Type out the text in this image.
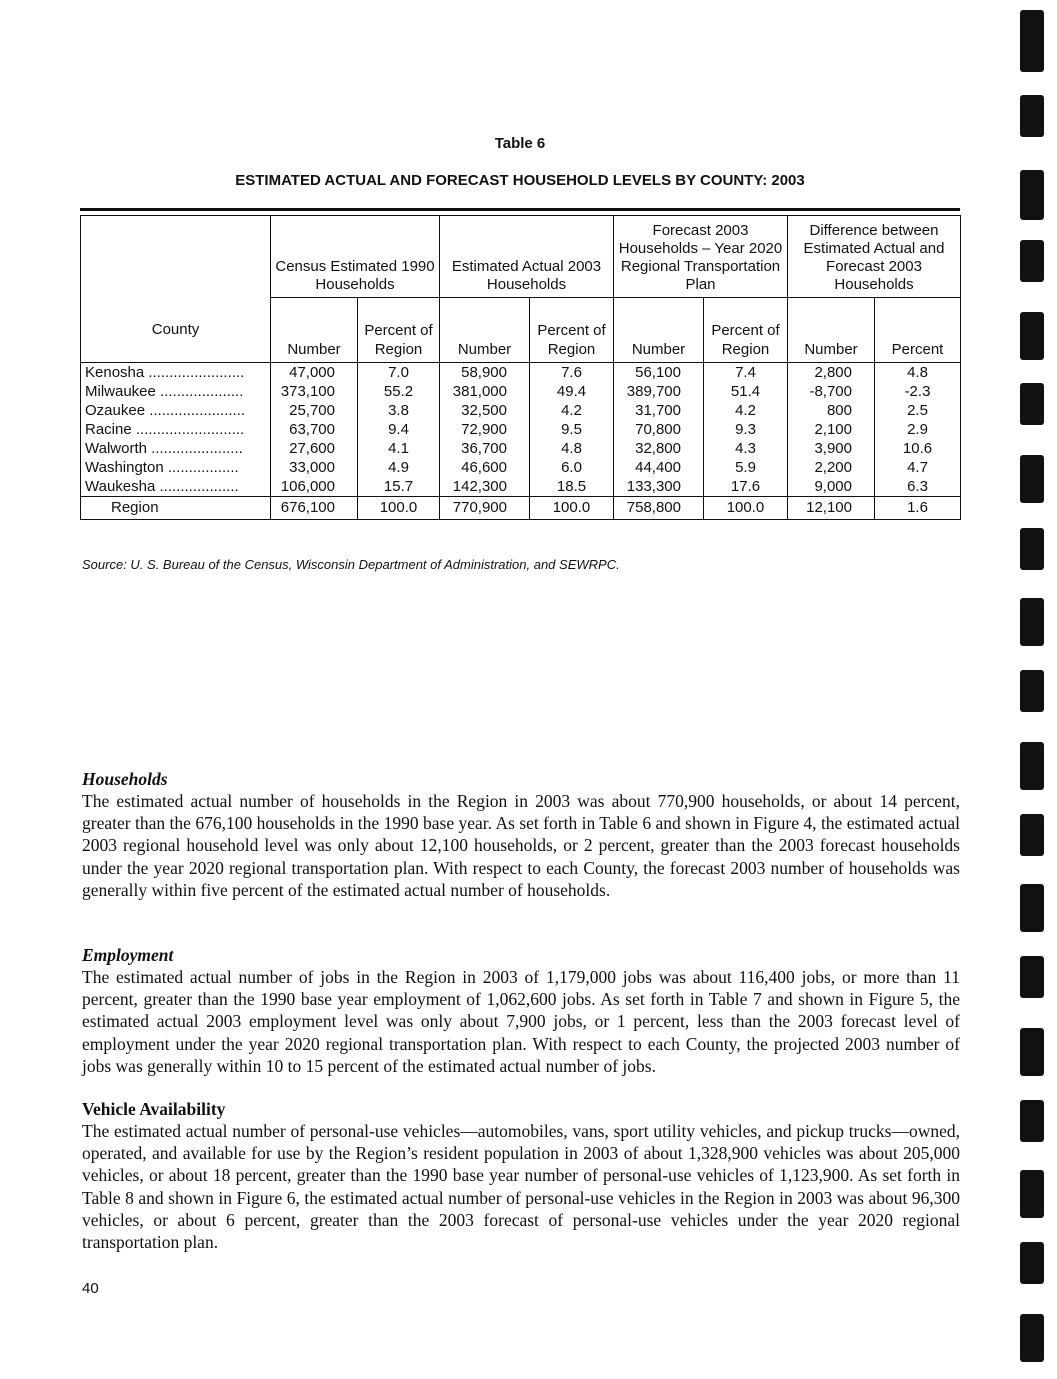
Table 6
ESTIMATED ACTUAL AND FORECAST HOUSEHOLD LEVELS BY COUNTY: 2003
County	Census Estimated 1990 Households		Estimated Actual 2003 Households		Forecast 2003 Households – Year 2020 Regional Transportation Plan		Difference between Estimated Actual and Forecast 2003 Households	
	Number	Percent of Region	Number	Percent of Region	Number	Percent of Region	Number	Percent
Kenosha .......................	47,000	7.0	58,900	7.6	56,100	7.4	2,800	4.8
Milwaukee ....................	373,100	55.2	381,000	49.4	389,700	51.4	-8,700	-2.3
Ozaukee .......................	25,700	3.8	32,500	4.2	31,700	4.2	800	2.5
Racine ..........................	63,700	9.4	72,900	9.5	70,800	9.3	2,100	2.9
Walworth ......................	27,600	4.1	36,700	4.8	32,800	4.3	3,900	10.6
Washington .................	33,000	4.9	46,600	6.0	44,400	5.9	2,200	4.7
Waukesha ...................	106,000	15.7	142,300	18.5	133,300	17.6	9,000	6.3
Region	676,100	100.0	770,900	100.0	758,800	100.0	12,100	1.6
Source: U. S. Bureau of the Census, Wisconsin Department of Administration, and SEWRPC.
Households

The estimated actual number of households in the Region in 2003 was about 770,900 households, or about 14 percent, greater than the 676,100 households in the 1990 base year. As set forth in Table 6 and shown in Figure 4, the estimated actual 2003 regional household level was only about 12,100 households, or 2 percent, greater than the 2003 forecast households under the year 2020 regional transportation plan. With respect to each County, the forecast 2003 number of households was generally within five percent of the estimated actual number of households.

Employment

The estimated actual number of jobs in the Region in 2003 of 1,179,000 jobs was about 116,400 jobs, or more than 11 percent, greater than the 1990 base year employment of 1,062,600 jobs. As set forth in Table 7 and shown in Figure 5, the estimated actual 2003 employment level was only about 7,900 jobs, or 1 percent, less than the 2003 forecast level of employment under the year 2020 regional transportation plan. With respect to each County, the projected 2003 number of jobs was generally within 10 to 15 percent of the estimated actual number of jobs.

Vehicle Availability

The estimated actual number of personal-use vehicles—automobiles, vans, sport utility vehicles, and pickup trucks—owned, operated, and available for use by the Region’s resident population in 2003 of about 1,328,900 vehicles was about 205,000 vehicles, or about 18 percent, greater than the 1990 base year number of personal-use vehicles of 1,123,900. As set forth in Table 8 and shown in Figure 6, the estimated actual number of personal-use vehicles in the Region in 2003 was about 96,300 vehicles, or about 6 percent, greater than the 2003 forecast of personal-use vehicles under the year 2020 regional transportation plan.

40
